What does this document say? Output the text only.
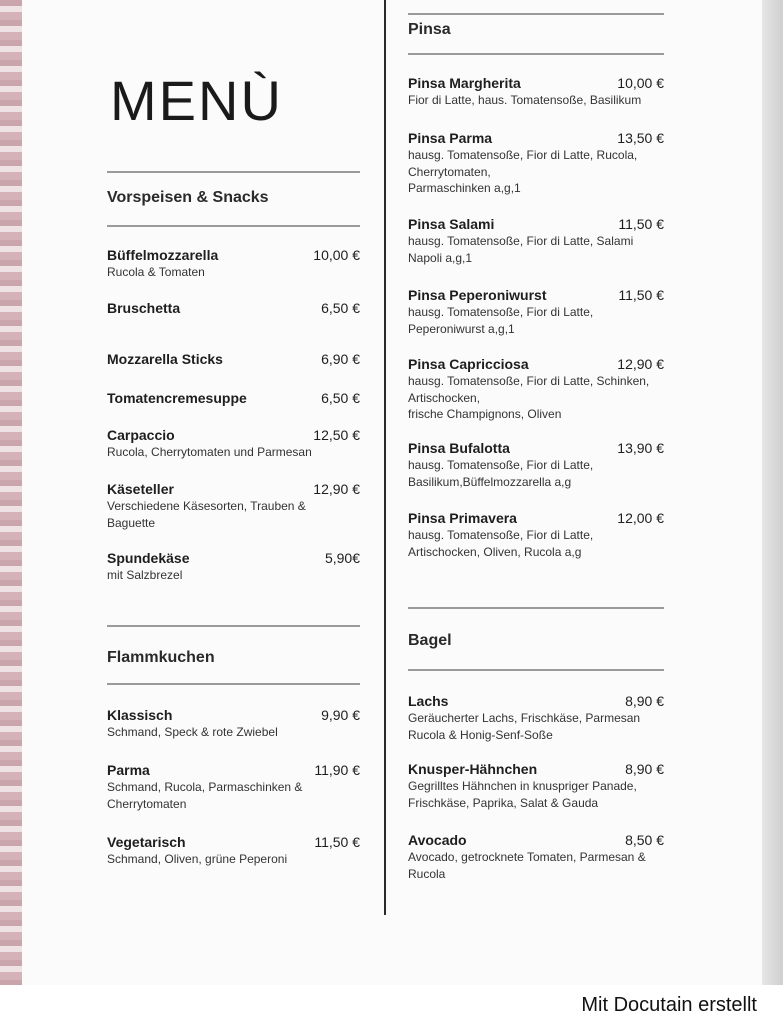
MENÙ
Vorspeisen & Snacks
Büffelmozzarella	10,00 €
Rucola & Tomaten
Bruschetta	6,50 €
Mozzarella Sticks	6,90 €
Tomatencremesuppe	6,50 €
Carpaccio	12,50 €
Rucola, Cherrytomaten und Parmesan
Käseteller	12,90 €
Verschiedene Käsesorten, Trauben &
Baguette
Spundekäse	5,90€
mit Salzbrezel
Flammkuchen
Klassisch	9,90 €
Schmand, Speck & rote Zwiebel
Parma	11,90 €
Schmand, Rucola, Parmaschinken &
Cherrytomaten
Vegetarisch	11,50 €
Schmand, Oliven, grüne Peperoni
Pinsa
Pinsa Margherita	10,00 €
Fior di Latte, haus. Tomatensoße, Basilikum
Pinsa Parma	13,50 €
hausg. Tomatensoße, Fior di Latte, Rucola,
Cherrytomaten,
Parmaschinken a,g,1
Pinsa Salami	11,50 €
hausg. Tomatensoße, Fior di Latte, Salami
Napoli a,g,1
Pinsa Peperoniwurst	11,50 €
hausg. Tomatensoße, Fior di Latte,
Peperoniwurst a,g,1
Pinsa Capricciosa	12,90 €
hausg. Tomatensoße, Fior di Latte, Schinken,
Artischocken,
frische Champignons, Oliven
Pinsa Bufalotta	13,90 €
hausg. Tomatensoße, Fior di Latte,
Basilikum,Büffelmozzarella a,g
Pinsa Primavera	12,00 €
hausg. Tomatensoße, Fior di Latte,
Artischocken, Oliven, Rucola a,g
Bagel
Lachs	8,90 €
Geräucherter Lachs, Frischkäse, Parmesan
Rucola & Honig-Senf-Soße
Knusper-Hähnchen	8,90 €
Gegrilltes Hähnchen in knuspriger Panade,
Frischkäse, Paprika, Salat & Gauda
Avocado	8,50 €
Avocado, getrocknete Tomaten, Parmesan &
Rucola
Mit Docutain erstellt
